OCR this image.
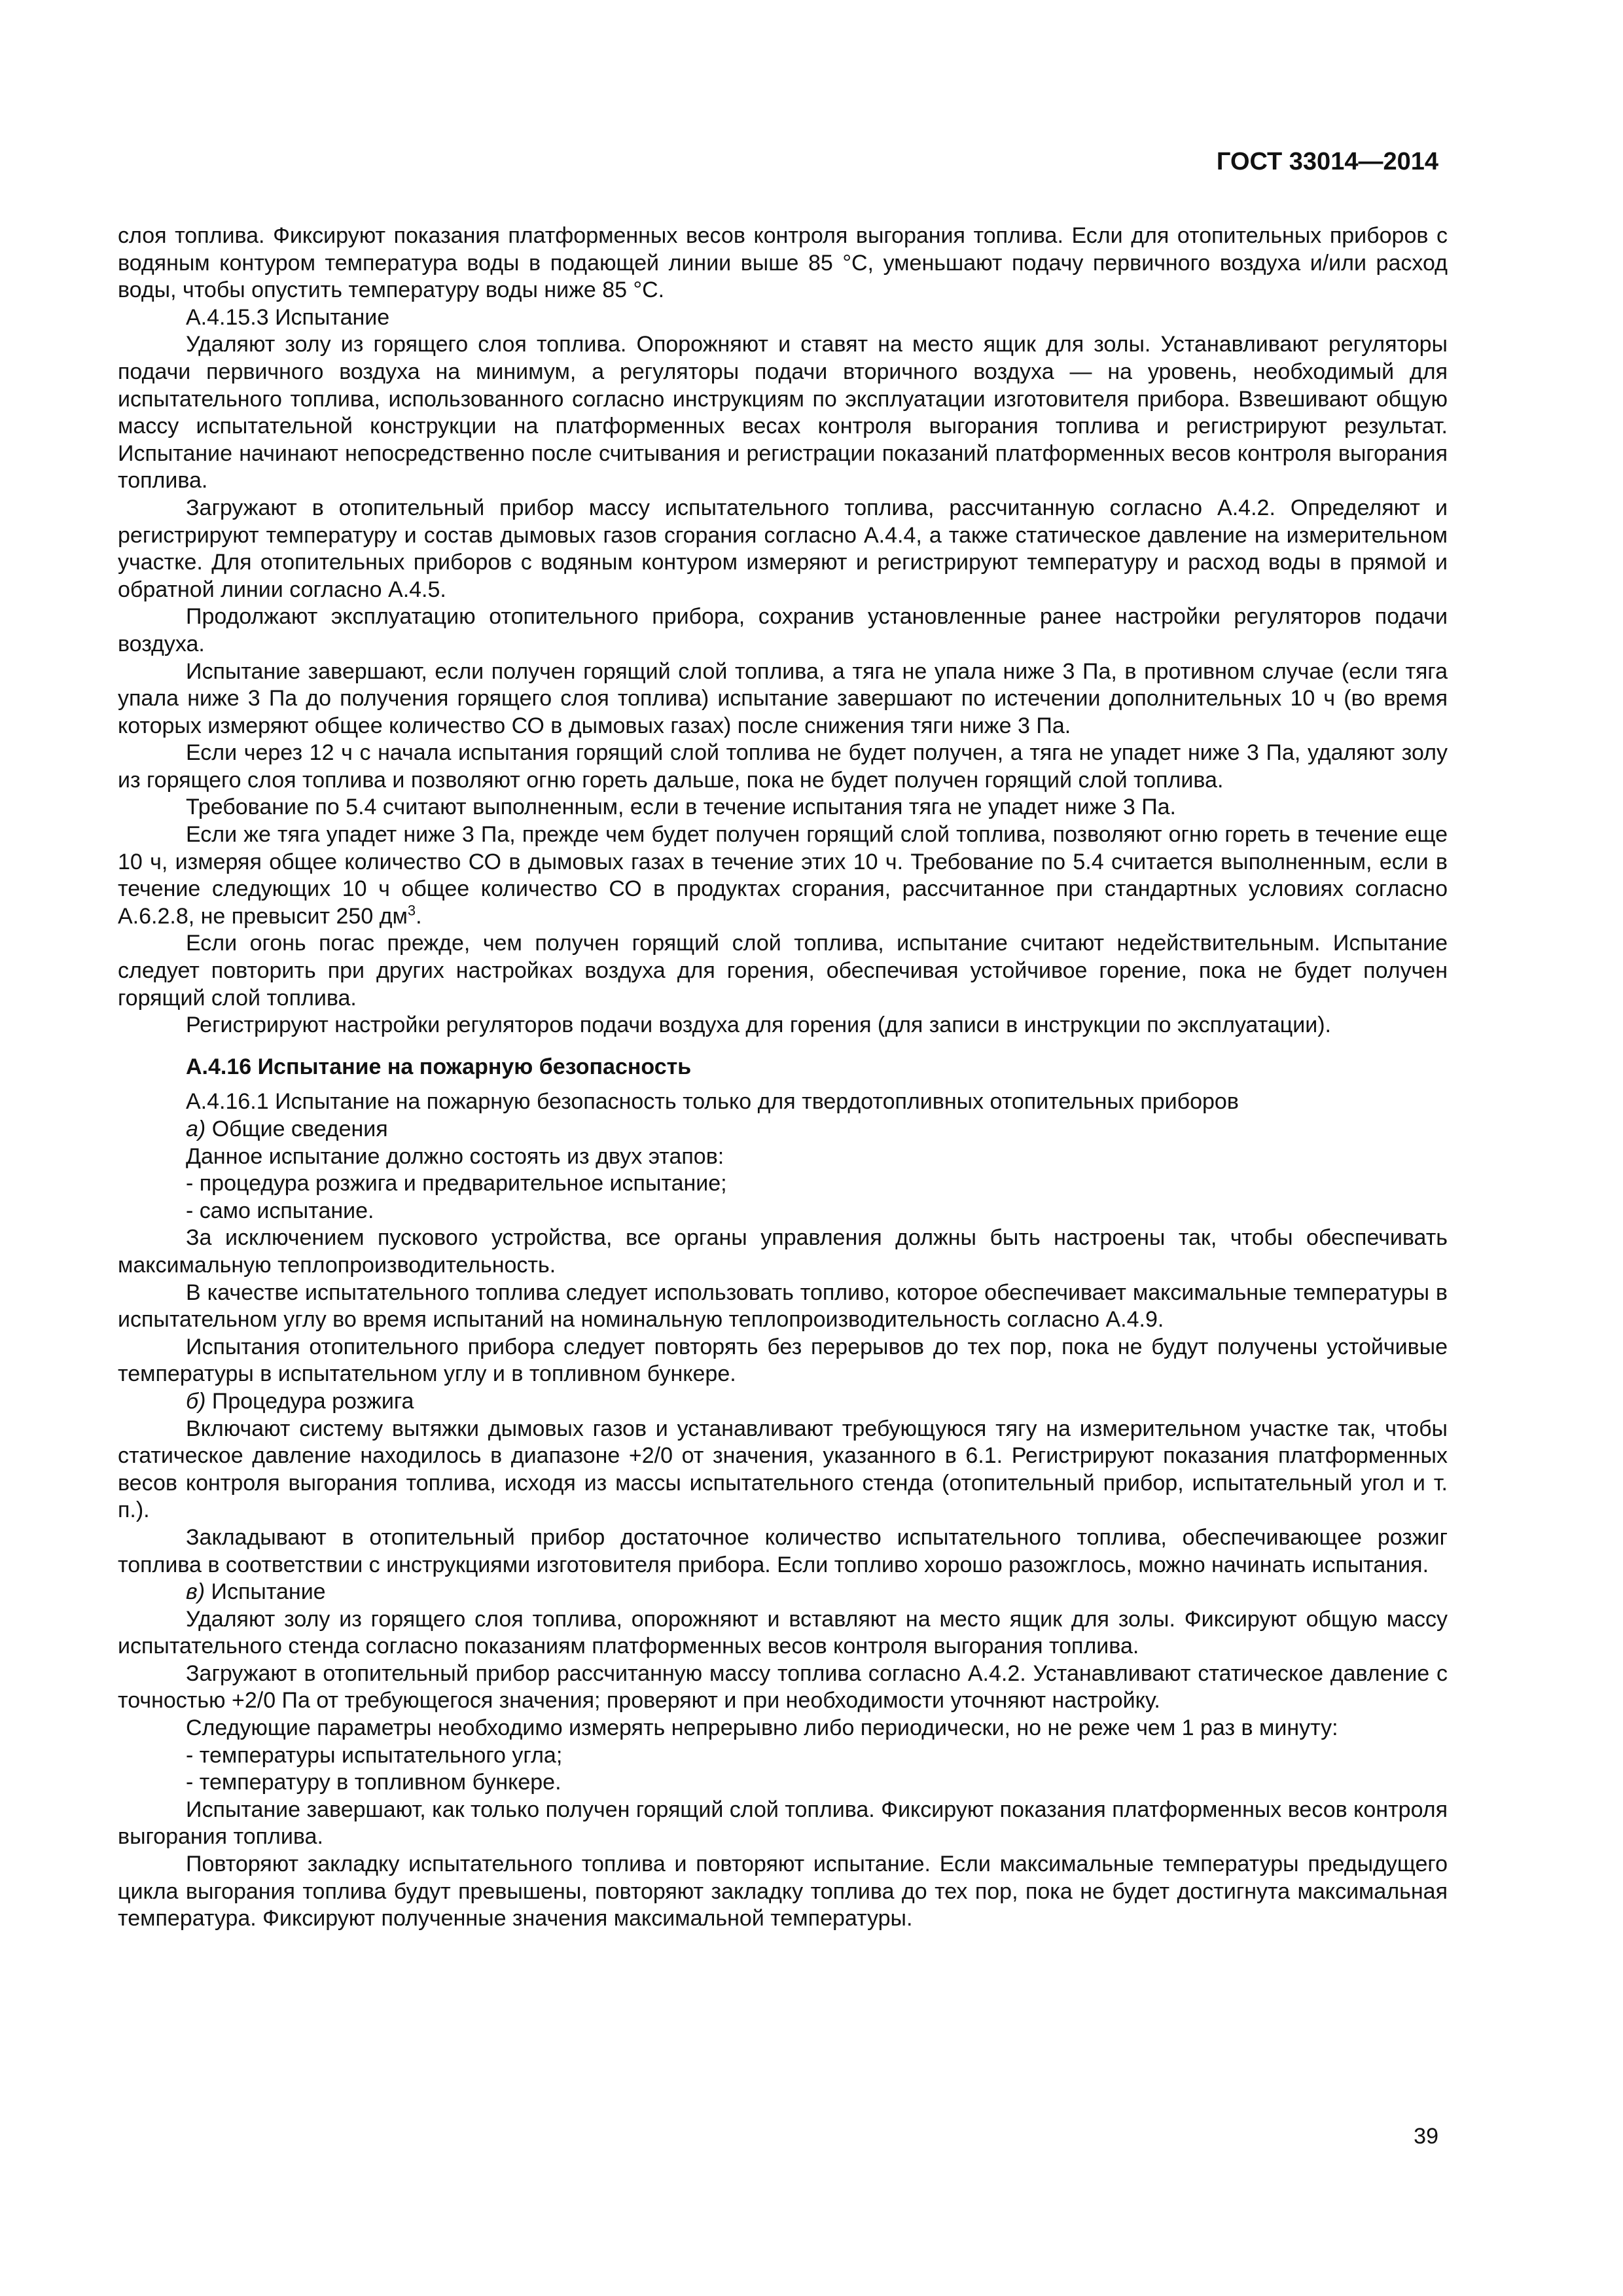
ГОСТ 33014—2014

слоя топлива. Фиксируют показания платформенных весов контроля выгорания топлива. Если для отопительных приборов с водяным контуром температура воды в подающей линии выше 85 °С, уменьшают подачу первичного воздуха и/или расход воды, чтобы опустить температуру воды ниже 85 °С.

А.4.15.3 Испытание

Удаляют золу из горящего слоя топлива. Опорожняют и ставят на место ящик для золы. Устанавливают регуляторы подачи первичного воздуха на минимум, а регуляторы подачи вторичного воздуха — на уровень, необходимый для испытательного топлива, использованного согласно инструкциям по эксплуатации изготовителя прибора. Взвешивают общую массу испытательной конструкции на платформенных весах контроля выгорания топлива и регистрируют результат. Испытание начинают непосредственно после считывания и регистрации показаний платформенных весов контроля выгорания топлива.

Загружают в отопительный прибор массу испытательного топлива, рассчитанную согласно А.4.2. Определяют и регистрируют температуру и состав дымовых газов сгорания согласно А.4.4, а также статическое давление на измерительном участке. Для отопительных приборов с водяным контуром измеряют и регистрируют температуру и расход воды в прямой и обратной линии согласно А.4.5.

Продолжают эксплуатацию отопительного прибора, сохранив установленные ранее настройки регуляторов подачи воздуха.

Испытание завершают, если получен горящий слой топлива, а тяга не упала ниже 3 Па, в противном случае (если тяга упала ниже 3 Па до получения горящего слоя топлива) испытание завершают по истечении дополнительных 10 ч (во время которых измеряют общее количество СО в дымовых газах) после снижения тяги ниже 3 Па.

Если через 12 ч с начала испытания горящий слой топлива не будет получен, а тяга не упадет ниже 3 Па, удаляют золу из горящего слоя топлива и позволяют огню гореть дальше, пока не будет получен горящий слой топлива.

Требование по 5.4 считают выполненным, если в течение испытания тяга не упадет ниже 3 Па.

Если же тяга упадет ниже 3 Па, прежде чем будет получен горящий слой топлива, позволяют огню гореть в течение еще 10 ч, измеряя общее количество СО в дымовых газах в течение этих 10 ч. Требование по 5.4 считается выполненным, если в течение следующих 10 ч общее количество СО в продуктах сгорания, рассчитанное при стандартных условиях согласно А.6.2.8, не превысит 250 $дм^3$.

Если огонь погас прежде, чем получен горящий слой топлива, испытание считают недействительным. Испытание следует повторить при других настройках воздуха для горения, обеспечивая устойчивое горение, пока не будет получен горящий слой топлива.

Регистрируют настройки регуляторов подачи воздуха для горения (для записи в инструкции по эксплуатации).

А.4.16 Испытание на пожарную безопасность

А.4.16.1 Испытание на пожарную безопасность только для твердотопливных отопительных приборов

а) Общие сведения

Данное испытание должно состоять из двух этапов:

- процедура розжига и предварительное испытание;

- само испытание.

За исключением пускового устройства, все органы управления должны быть настроены так, чтобы обеспечивать максимальную теплопроизводительность.

В качестве испытательного топлива следует использовать топливо, которое обеспечивает максимальные температуры в испытательном углу во время испытаний на номинальную теплопроизводительность согласно А.4.9.

Испытания отопительного прибора следует повторять без перерывов до тех пор, пока не будут получены устойчивые температуры в испытательном углу и в топливном бункере.

б) Процедура розжига

Включают систему вытяжки дымовых газов и устанавливают требующуюся тягу на измерительном участке так, чтобы статическое давление находилось в диапазоне +2/0 от значения, указанного в 6.1. Регистрируют показания платформенных весов контроля выгорания топлива, исходя из массы испытательного стенда (отопительный прибор, испытательный угол и т. п.).

Закладывают в отопительный прибор достаточное количество испытательного топлива, обеспечивающее розжиг топлива в соответствии с инструкциями изготовителя прибора. Если топливо хорошо разожглось, можно начинать испытания.

в) Испытание

Удаляют золу из горящего слоя топлива, опорожняют и вставляют на место ящик для золы. Фиксируют общую массу испытательного стенда согласно показаниям платформенных весов контроля выгорания топлива.

Загружают в отопительный прибор рассчитанную массу топлива согласно А.4.2. Устанавливают статическое давление с точностью +2/0 Па от требующегося значения; проверяют и при необходимости уточняют настройку.

Следующие параметры необходимо измерять непрерывно либо периодически, но не реже чем 1 раз в минуту:

- температуры испытательного угла;

- температуру в топливном бункере.

Испытание завершают, как только получен горящий слой топлива. Фиксируют показания платформенных весов контроля выгорания топлива.

Повторяют закладку испытательного топлива и повторяют испытание. Если максимальные температуры предыдущего цикла выгорания топлива будут превышены, повторяют закладку топлива до тех пор, пока не будет достигнута максимальная температура. Фиксируют полученные значения максимальной температуры.

39
